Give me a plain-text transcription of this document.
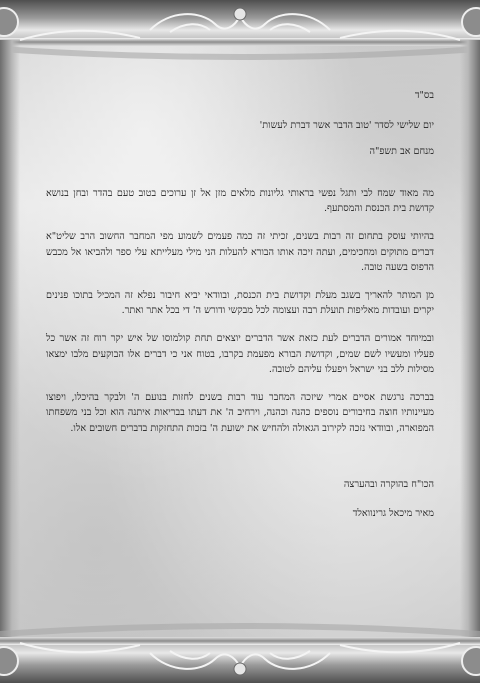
בס"ד

יום שלישי לסדר 'טוב הדבר אשר דברת לעשות'

מנחם אב תשפ"ה

מה מאוד שמח לבי ותגל נפשי בראותי גליונות מלאים מזן אל זן ערוכים בטוב טעם בהדר ובחן בנושא קדושת בית הכנסת והמסתעף.

בהיותי עוסק בתחום זה רבות בשנים, זכיתי זה כמה פעמים לשמוע מפי המחבר החשוב הרב שליט"א דברים מתוקים ומחכימים, ועתה זיכה אותו הבורא להעלות הני מילי מעלייתא עלי ספר ולהביאו אל מכבש הדפוס בשעה טובה.

מן המותר להאריך בשגב מעלת וקדושת בית הכנסת, ובוודאי יביא חיבור נפלא זה המכיל בתוכו פנינים יקרים ועובדות מאליפות תועלת רבה ועצומה לכל מבקשי ודורש ה' די בכל אתר ואתר.

ובמיוחד אמורים הדברים לעת כזאת אשר הדברים יוצאים תחת קולמוסו של איש יקר רוח זה אשר כל פעליו ומעשיו לשם שמים, וקדושת הבורא מפעמת בקרבו, בטוח אני כי דברים אלו הבוקעים מלבו ימצאו מסילות ללב בני ישראל ויפעלו עליהם לטובה.

בברכה נרגשת אסיים אמרי שיזכה המחבר עוד רבות בשנים לחזות בנועם ה' ולבקר בהיכלו, ויפוצו מעיינותיו חוצה בחיבורים נוספים כהנה וכהנה, וירחיב ה' את דעתו בבריאות איתנה הוא וכל בני משפחתו המפוארה, ובוודאי נזכה לקירוב הגאולה ולהחיש את ישועת ה' בזכות התחזקות בדברים חשובים אלו.

הכו"ח בהוקרה ובהערצה

מאיר מיכאל גרינוואלד
